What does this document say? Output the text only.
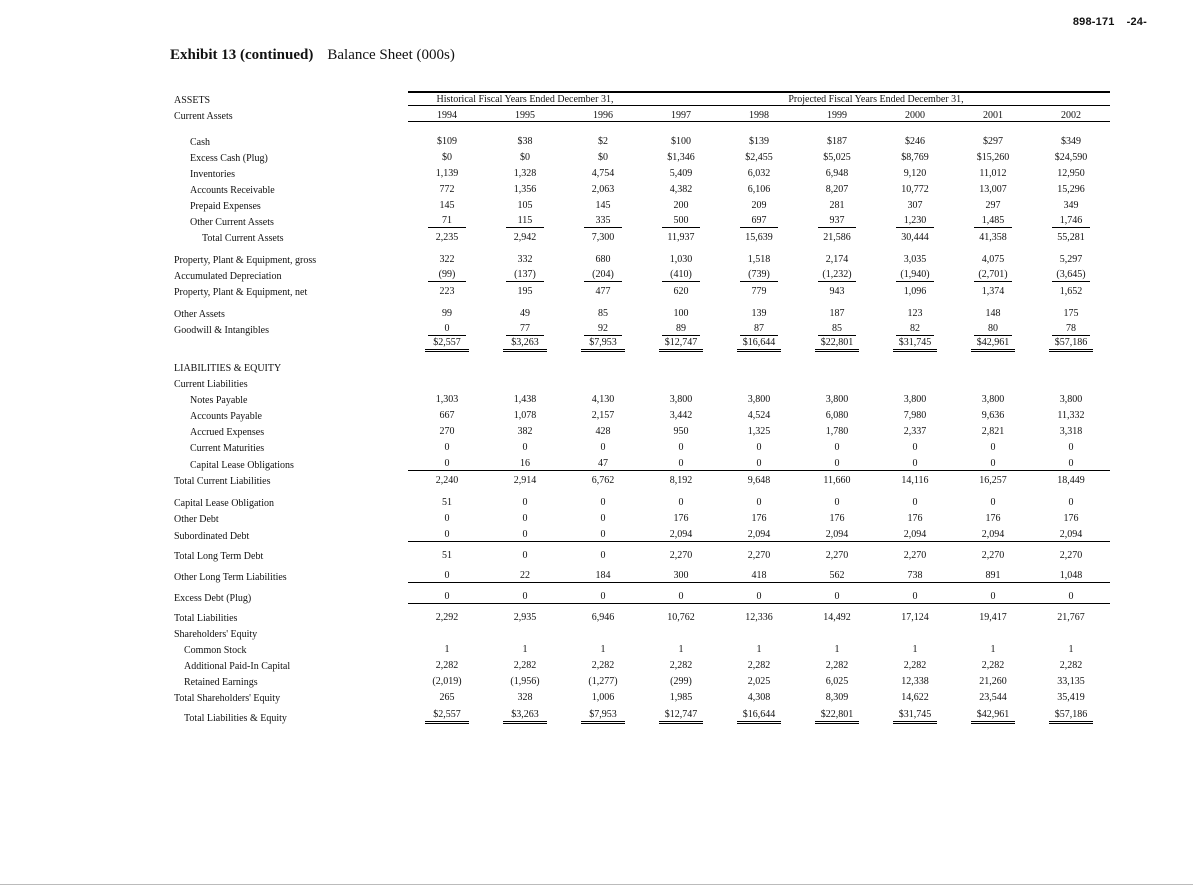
898-171 -24-
Exhibit 13 (continued) Balance Sheet (000s)
ASSETS	Historical Fiscal Years Ended December 31,			Projected Fiscal Years Ended December 31,					
Current Assets	1994	1995	1996	1997	1998	1999	2000	2001	2002

Cash	$109	$38	$2	$100	$139	$187	$246	$297	$349
Excess Cash (Plug)	$0	$0	$0	$1,346	$2,455	$5,025	$8,769	$15,260	$24,590
Inventories	1,139	1,328	4,754	5,409	6,032	6,948	9,120	11,012	12,950
Accounts Receivable	772	1,356	2,063	4,382	6,106	8,207	10,772	13,007	15,296
Prepaid Expenses	145	105	145	200	209	281	307	297	349
Other Current Assets	71	115	335	500	697	937	1,230	1,485	1,746
Total Current Assets	2,235	2,942	7,300	11,937	15,639	21,586	30,444	41,358	55,281

Property, Plant & Equipment, gross	322	332	680	1,030	1,518	2,174	3,035	4,075	5,297
Accumulated Depreciation	(99)	(137)	(204)	(410)	(739)	(1,232)	(1,940)	(2,701)	(3,645)
Property, Plant & Equipment, net	223	195	477	620	779	943	1,096	1,374	1,652

Other Assets	99	49	85	100	139	187	123	148	175
Goodwill & Intangibles	0	77	92	89	87	85	82	80	78
	$2,557	$3,263	$7,953	$12,747	$16,644	$22,801	$31,745	$42,961	$57,186

LIABILITIES & EQUITY									
Current Liabilities									
Notes Payable	1,303	1,438	4,130	3,800	3,800	3,800	3,800	3,800	3,800
Accounts Payable	667	1,078	2,157	3,442	4,524	6,080	7,980	9,636	11,332
Accrued Expenses	270	382	428	950	1,325	1,780	2,337	2,821	3,318
Current Maturities	0	0	0	0	0	0	0	0	0
Capital Lease Obligations	0	16	47	0	0	0	0	0	0
Total Current Liabilities	2,240	2,914	6,762	8,192	9,648	11,660	14,116	16,257	18,449

Capital Lease Obligation	51	0	0	0	0	0	0	0	0
Other Debt	0	0	0	176	176	176	176	176	176
Subordinated Debt	0	0	0	2,094	2,094	2,094	2,094	2,094	2,094
Total Long Term Debt	51	0	0	2,270	2,270	2,270	2,270	2,270	2,270
Other Long Term Liabilities	0	22	184	300	418	562	738	891	1,048
Excess Debt (Plug)	0	0	0	0	0	0	0	0	0
Total Liabilities	2,292	2,935	6,946	10,762	12,336	14,492	17,124	19,417	21,767
Shareholders' Equity									
Common Stock	1	1	1	1	1	1	1	1	1
Additional Paid-In Capital	2,282	2,282	2,282	2,282	2,282	2,282	2,282	2,282	2,282
Retained Earnings	(2,019)	(1,956)	(1,277)	(299)	2,025	6,025	12,338	21,260	33,135
Total Shareholders' Equity	265	328	1,006	1,985	4,308	8,309	14,622	23,544	35,419
Total Liabilities & Equity	$2,557	$3,263	$7,953	$12,747	$16,644	$22,801	$31,745	$42,961	$57,186
